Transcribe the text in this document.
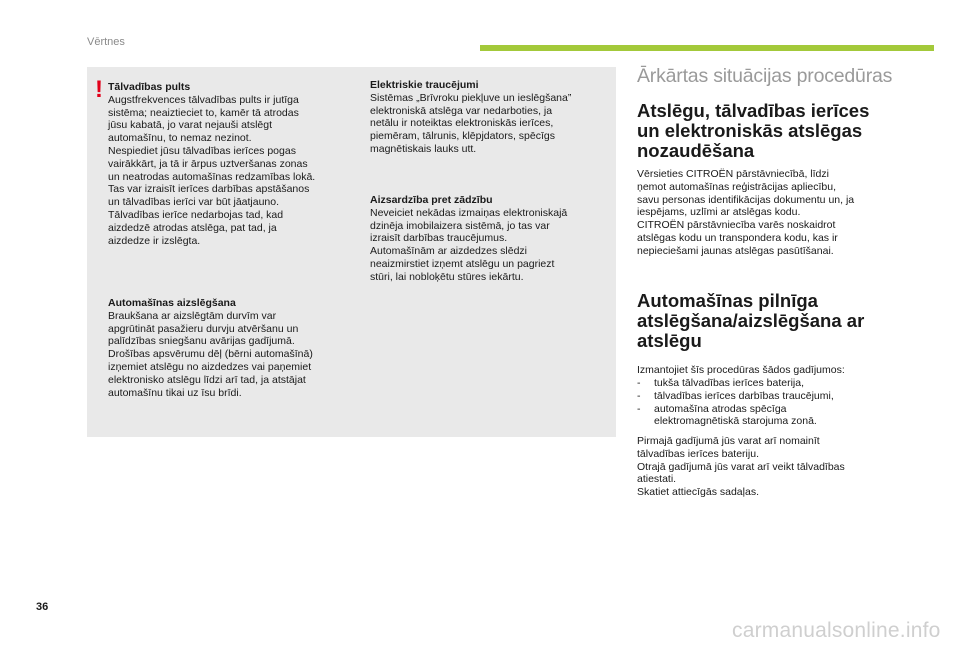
Vērtnes
! Tālvadības pults
Augstfrekvences tālvadības pults ir jutīga
sistēma; neaiztieciet to, kamēr tā atrodas
jūsu kabatā, jo varat nejauši atslēgt
automašīnu, to nemaz nezinot.
Nespiediet jūsu tālvadības ierīces pogas
vairākkārt, ja tā ir ārpus uztveršanas zonas
un neatrodas automašīnas redzamības lokā.
Tas var izraisīt ierīces darbības apstāšanos
un tālvadības ierīci var būt jāatjauno.
Tālvadības ierīce nedarbojas tad, kad
aizdedzē atrodas atslēga, pat tad, ja
aizdedze ir izslēgta.
Automašīnas aizslēgšana
Braukšana ar aizslēgtām durvīm var
apgrūtināt pasažieru durvju atvēršanu un
palīdzības sniegšanu avārijas gadījumā.
Drošības apsvērumu dēļ (bērni automašīnā)
izņemiet atslēgu no aizdedzes vai paņemiet
elektronisko atslēgu līdzi arī tad, ja atstājat
automašīnu tikai uz īsu brīdi.
Elektriskie traucējumi
Sistēmas „Brīvroku piekļuve un ieslēgšana”
elektroniskā atslēga var nedarboties, ja
netālu ir noteiktas elektroniskās ierīces,
piemēram, tālrunis, klēpjdators, spēcīgs
magnētiskais lauks utt.
Aizsardzība pret zādzību
Neveiciet nekādas izmaiņas elektroniskajā
dzinēja imobilaizera sistēmā, jo tas var
izraisīt darbības traucējumus.
Automašīnām ar aizdedzes slēdzi
neaizmirstiet izņemt atslēgu un pagriezt
stūri, lai nobloķētu stūres iekārtu.
Ārkārtas situācijas procedūras
Atslēgu, tālvadības ierīces
un elektroniskās atslēgas
nozaudēšana
Vērsieties CITROËN pārstāvniecībā, līdzi
ņemot automašīnas reģistrācijas apliecību,
savu personas identifikācijas dokumentu un, ja
iespējams, uzlīmi ar atslēgas kodu.
CITROËN pārstāvniecība varēs noskaidrot
atslēgas kodu un transpondera kodu, kas ir
nepieciešami jaunas atslēgas pasūtīšanai.
Automašīnas pilnīga
atslēgšana/aizslēgšana ar
atslēgu
Izmantojiet šīs procedūras šādos gadījumos:
- tukša tālvadības ierīces baterija,
- tālvadības ierīces darbības traucējumi,
- automašīna atrodas spēcīga
elektromagnētiskā starojuma zonā.
Pirmajā gadījumā jūs varat arī nomainīt
tālvadības ierīces bateriju.
Otrajā gadījumā jūs varat arī veikt tālvadības
atiestati.
Skatiet attiecīgās sadaļas.
36
carmanualsonline.info
